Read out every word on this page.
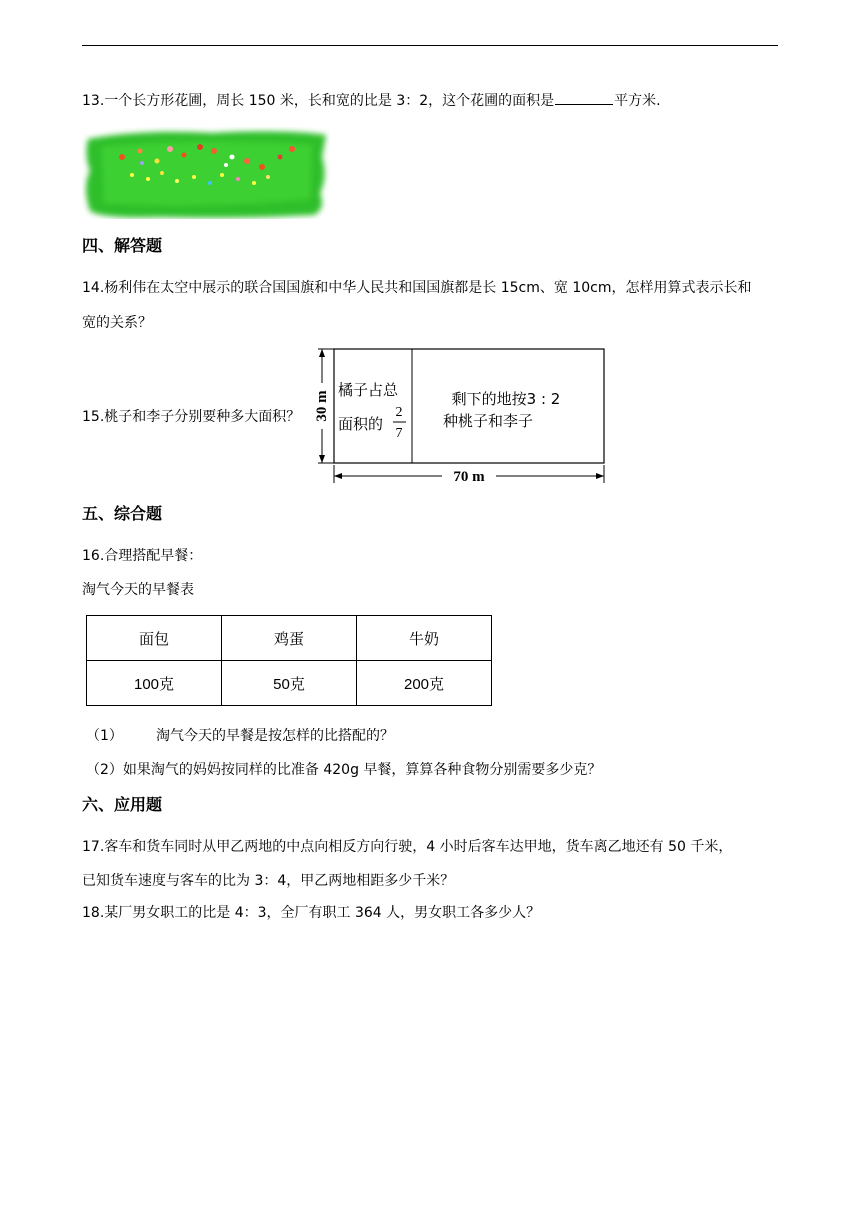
13.一个长方形花圃，周长 150 米，长和宽的比是 3：2，这个花圃的面积是	平方米.
四、解答题
14.杨利伟在太空中展示的联合国国旗和中华人民共和国国旗都是长 15cm、宽 10cm，怎样用算式表示长和
宽的关系？
15.桃子和李子分别要种多大面积？ 30 m
70 m
橘子占总
面积的
2
7
剩下的地按3 : 2
种桃子和李子
五、综合题
16.合理搭配早餐：
淘气今天的早餐表
面包	鸡蛋	牛奶
100克	50克	200克
（1） 淘气今天的早餐是按怎样的比搭配的？
（2）如果淘气的妈妈按同样的比准备 420g 早餐，算算各种食物分别需要多少克？
六、应用题
17.客车和货车同时从甲乙两地的中点向相反方向行驶，4 小时后客车达甲地，货车离乙地还有 50 千米，
已知货车速度与客车的比为 3：4，甲乙两地相距多少千米？
18.某厂男女职工的比是 4：3，全厂有职工 364 人，男女职工各多少人？
